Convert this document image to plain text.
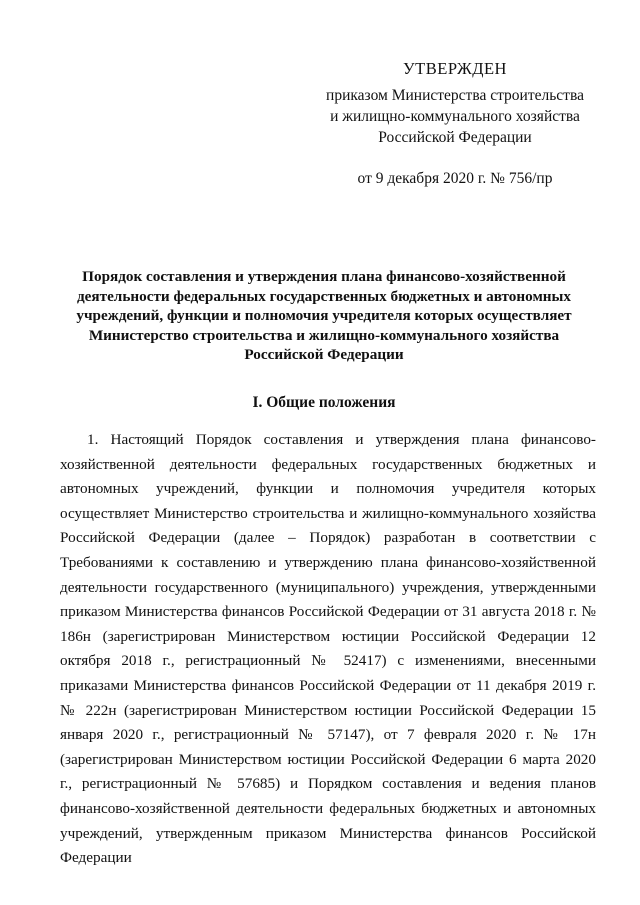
УТВЕРЖДЕН
приказом Министерства строительства
и жилищно-коммунального хозяйства
Российской Федерации
от 9 декабря 2020 г. № 756/пр
Порядок составления и утверждения плана финансово-хозяйственной
деятельности федеральных государственных бюджетных и автономных
учреждений, функции и полномочия учредителя которых осуществляет
Министерство строительства и жилищно-коммунального хозяйства
Российской Федерации
I. Общие положения

1. Настоящий Порядок составления и утверждения плана финансово-хозяйственной деятельности федеральных государственных бюджетных и автономных учреждений, функции и полномочия учредителя которых осуществляет Министерство строительства и жилищно-коммунального хозяйства Российской Федерации (далее – Порядок) разработан в соответствии с Требованиями к составлению и утверждению плана финансово-хозяйственной деятельности государственного (муниципального) учреждения, утвержденными приказом Министерства финансов Российской Федерации от 31 августа 2018 г. № 186н (зарегистрирован Министерством юстиции Российской Федерации 12 октября 2018 г., регистрационный № 52417) с изменениями, внесенными приказами Министерства финансов Российской Федерации от 11 декабря 2019 г. № 222н (зарегистрирован Министерством юстиции Российской Федерации 15 января 2020 г., регистрационный № 57147), от 7 февраля 2020 г. № 17н (зарегистрирован Министерством юстиции Российской Федерации 6 марта 2020 г., регистрационный № 57685) и Порядком составления и ведения планов финансово-хозяйственной деятельности федеральных бюджетных и автономных учреждений, утвержденным приказом Министерства финансов Российской Федерации
